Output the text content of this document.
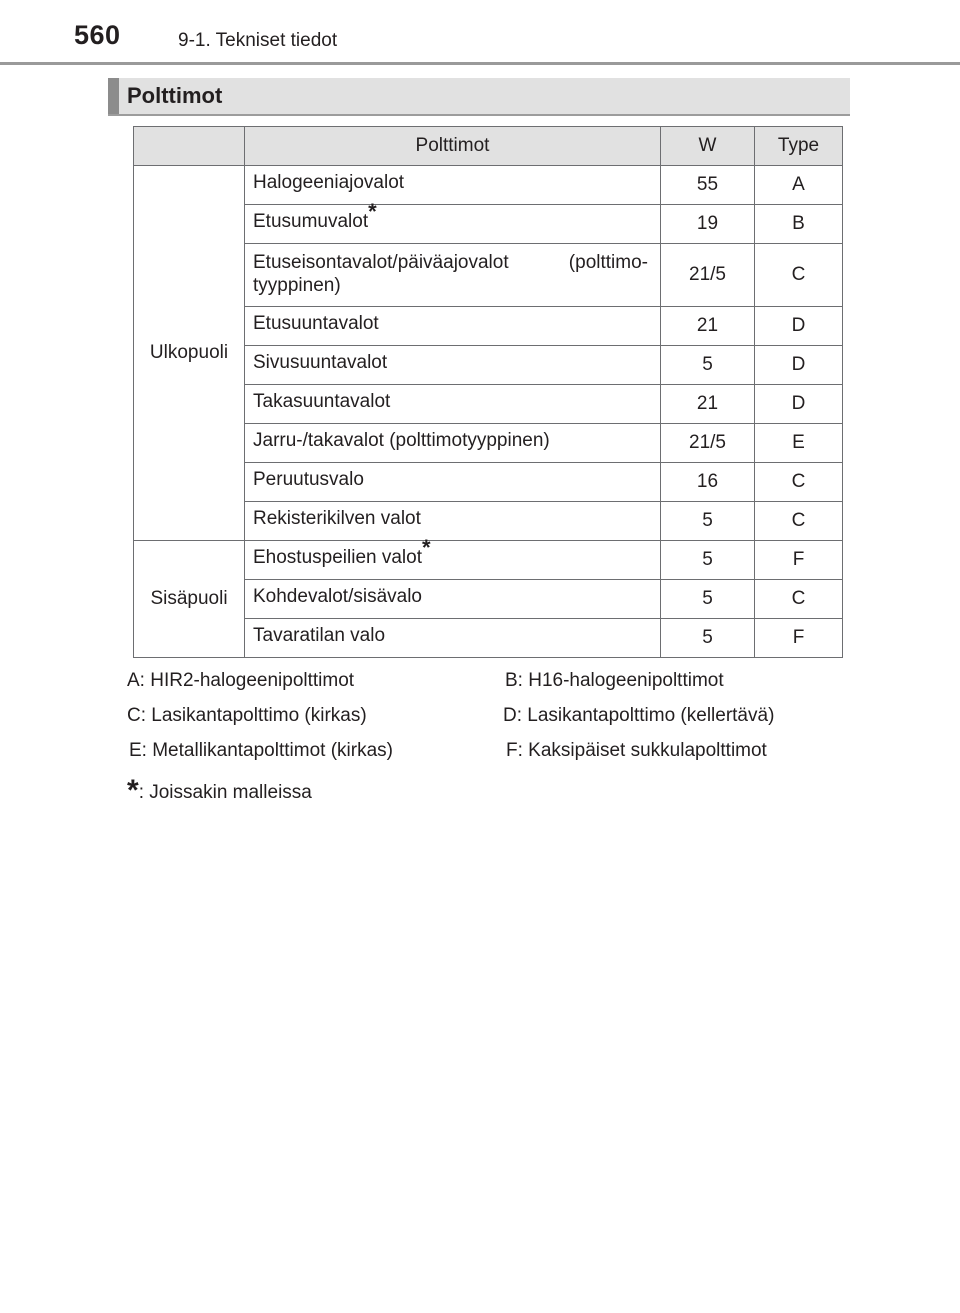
560	9-1. Tekniset tiedot
Polttimot
	Polttimot	W	Type
Ulkopuoli	Halogeeniajovalot	55	A
	Etusumuvalot*	19	B
	Etuseisontavalot/päiväajovalot (polttimo-tyyppinen)	21/5	C
	Etusuuntavalot	21	D
	Sivusuuntavalot	5	D
	Takasuuntavalot	21	D
	Jarru-/takavalot (polttimotyyppinen)	21/5	E
	Peruutusvalo	16	C
	Rekisterikilven valot	5	C
Sisäpuoli	Ehostuspeilien valot*	5	F
	Kohdevalot/sisävalo	5	C
	Tavaratilan valo	5	F
A: HIR2-halogeenipolttimot	B: H16-halogeenipolttimot
C: Lasikantapolttimo (kirkas)	D: Lasikantapolttimo (kellertävä)
E: Metallikantapolttimot (kirkas)	F: Kaksipäiset sukkulapolttimot
*: Joissakin malleissa
